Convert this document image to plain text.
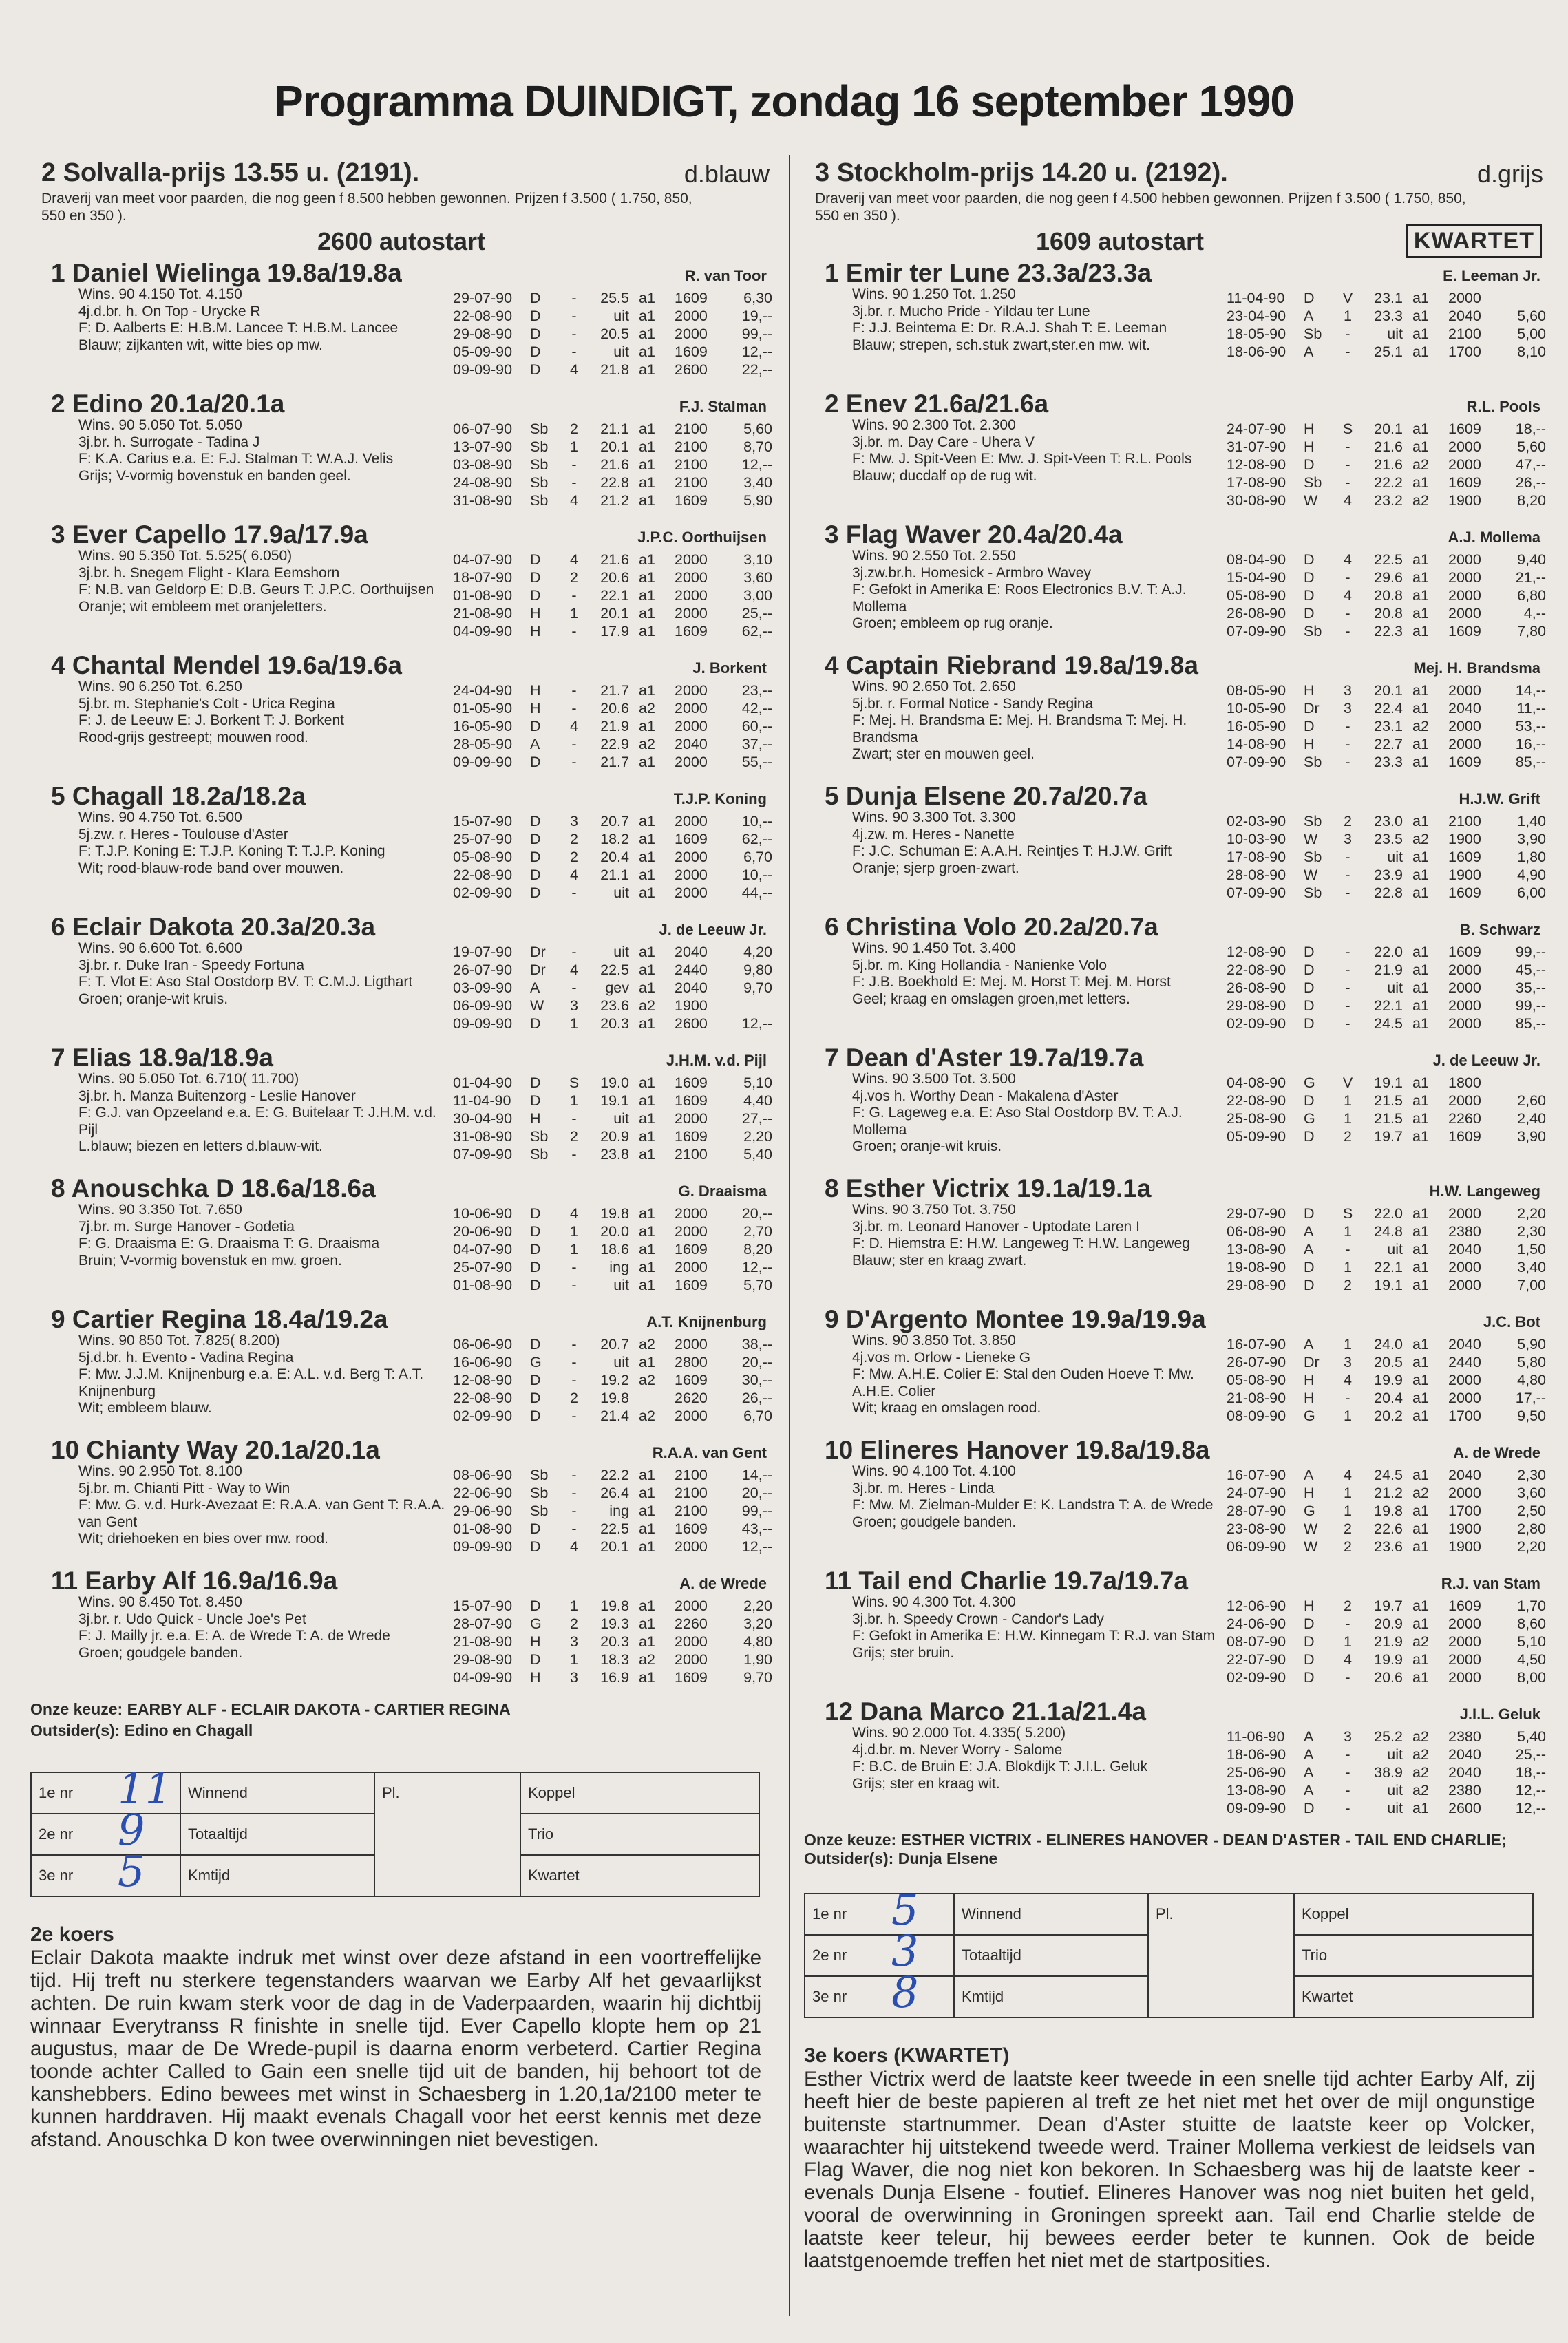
Programma DUINDIGT, zondag 16 september 1990
2 Solvalla-prijs 13.55 u. (2191).	d.blauw
Draverij van meet voor paarden, die nog geen f 8.500 hebben gewonnen. Prijzen f 3.500 ( 1.750, 850, 550 en 350 ).
2600 autostart
1 Daniel Wielinga 19.8a/19.8a	R. van Toor
Wins. 90 4.150 Tot. 4.150
4j.d.br. h. On Top - Urycke R
F: D. Aalberts E: H.B.M. Lancee T: H.B.M. Lancee
Blauw; zijkanten wit, witte bies op mw.
29-07-90	D	-	25.5 a1	1609	6,30
22-08-90	D	-	uit a1	2000	19,--
29-08-90	D	-	20.5 a1	2000	99,--
05-09-90	D	-	uit a1	1609	12,--
09-09-90	D	4	21.8 a1	2600	22,--
2 Edino 20.1a/20.1a	F.J. Stalman
Wins. 90 5.050 Tot. 5.050
3j.br. h. Surrogate - Tadina J
F: K.A. Carius e.a. E: F.J. Stalman T: W.A.J. Velis
Grijs; V-vormig bovenstuk en banden geel.
06-07-90	Sb	2	21.1 a1	2100	5,60
13-07-90	Sb	1	20.1 a1	2100	8,70
03-08-90	Sb	-	21.6 a1	2100	12,--
24-08-90	Sb	-	22.8 a1	2100	3,40
31-08-90	Sb	4	21.2 a1	1609	5,90
3 Ever Capello 17.9a/17.9a	J.P.C. Oorthuijsen
Wins. 90 5.350 Tot. 5.525( 6.050)
3j.br. h. Snegem Flight - Klara Eemshorn
F: N.B. van Geldorp E: D.B. Geurs T: J.P.C. Oorthuijsen
Oranje; wit embleem met oranjeletters.
04-07-90	D	4	21.6 a1	2000	3,10
18-07-90	D	2	20.6 a1	2000	3,60
01-08-90	D	-	22.1 a1	2000	3,00
21-08-90	H	1	20.1 a1	2000	25,--
04-09-90	H	-	17.9 a1	1609	62,--
4 Chantal Mendel 19.6a/19.6a	J. Borkent
Wins. 90 6.250 Tot. 6.250
5j.br. m. Stephanie's Colt - Urica Regina
F: J. de Leeuw E: J. Borkent T: J. Borkent
Rood-grijs gestreept; mouwen rood.
24-04-90	H	-	21.7 a1	2000	23,--
01-05-90	H	-	20.6 a2	2000	42,--
16-05-90	D	4	21.9 a1	2000	60,--
28-05-90	A	-	22.9 a2	2040	37,--
09-09-90	D	-	21.7 a1	2000	55,--
5 Chagall 18.2a/18.2a	T.J.P. Koning
Wins. 90 4.750 Tot. 6.500
5j.zw. r. Heres - Toulouse d'Aster
F: T.J.P. Koning E: T.J.P. Koning T: T.J.P. Koning
Wit; rood-blauw-rode band over mouwen.
15-07-90	D	3	20.7 a1	2000	10,--
25-07-90	D	2	18.2 a1	1609	62,--
05-08-90	D	2	20.4 a1	2000	6,70
22-08-90	D	4	21.1 a1	2000	10,--
02-09-90	D	-	uit a1	2000	44,--
6 Eclair Dakota 20.3a/20.3a	J. de Leeuw Jr.
Wins. 90 6.600 Tot. 6.600
3j.br. r. Duke Iran - Speedy Fortuna
F: T. Vlot E: Aso Stal Oostdorp BV. T: C.M.J. Ligthart
Groen; oranje-wit kruis.
19-07-90	Dr	-	uit a1	2040	4,20
26-07-90	Dr	4	22.5 a1	2440	9,80
03-09-90	A	-	gev a1	2040	9,70
06-09-90	W	3	23.6 a2	1900
09-09-90	D	1	20.3 a1	2600	12,--
7 Elias 18.9a/18.9a	J.H.M. v.d. Pijl
Wins. 90 5.050 Tot. 6.710( 11.700)
3j.br. h. Manza Buitenzorg - Leslie Hanover
F: G.J. van Opzeeland e.a. E: G. Buitelaar T: J.H.M. v.d. Pijl
L.blauw; biezen en letters d.blauw-wit.
01-04-90	D	S	19.0 a1	1609	5,10
11-04-90	D	1	19.1 a1	1609	4,40
30-04-90	H	-	uit a1	2000	27,--
31-08-90	Sb	2	20.9 a1	1609	2,20
07-09-90	Sb	-	23.8 a1	2100	5,40
8 Anouschka D 18.6a/18.6a	G. Draaisma
Wins. 90 3.350 Tot. 7.650
7j.br. m. Surge Hanover - Godetia
F: G. Draaisma E: G. Draaisma T: G. Draaisma
Bruin; V-vormig bovenstuk en mw. groen.
10-06-90	D	4	19.8 a1	2000	20,--
20-06-90	D	1	20.0 a1	2000	2,70
04-07-90	D	1	18.6 a1	1609	8,20
25-07-90	D	-	ing a1	2000	12,--
01-08-90	D	-	uit a1	1609	5,70
9 Cartier Regina 18.4a/19.2a	A.T. Knijnenburg
Wins. 90 850 Tot. 7.825( 8.200)
5j.d.br. h. Evento - Vadina Regina
F: Mw. J.J.M. Knijnenburg e.a. E: A.L. v.d. Berg T: A.T. Knijnenburg
Wit; embleem blauw.
06-06-90	D	-	20.7 a2	2000	38,--
16-06-90	G	-	uit a1	2800	20,--
12-08-90	D	-	19.2 a2	1609	30,--
22-08-90	D	2	19.8	2620	26,--
02-09-90	D	-	21.4 a2	2000	6,70
10 Chianty Way 20.1a/20.1a	R.A.A. van Gent
Wins. 90 2.950 Tot. 8.100
5j.br. m. Chianti Pitt - Way to Win
F: Mw. G. v.d. Hurk-Avezaat E: R.A.A. van Gent T: R.A.A. van Gent
Wit; driehoeken en bies over mw. rood.
08-06-90	Sb	-	22.2 a1	2100	14,--
22-06-90	Sb	-	26.4 a1	2100	20,--
29-06-90	Sb	-	ing a1	2100	99,--
01-08-90	D	-	22.5 a1	1609	43,--
09-09-90	D	4	20.1 a1	2000	12,--
11 Earby Alf 16.9a/16.9a	A. de Wrede
Wins. 90 8.450 Tot. 8.450
3j.br. r. Udo Quick - Uncle Joe's Pet
F: J. Mailly jr. e.a. E: A. de Wrede T: A. de Wrede
Groen; goudgele banden.
15-07-90	D	1	19.8 a1	2000	2,20
28-07-90	G	2	19.3 a1	2260	3,20
21-08-90	H	3	20.3 a1	2000	4,80
29-08-90	D	1	18.3 a2	2000	1,90
04-09-90	H	3	16.9 a1	1609	9,70
Onze keuze: EARBY ALF - ECLAIR DAKOTA - CARTIER REGINA
Outsider(s): Edino en Chagall
1e nr 11	Winnend	Pl.	Koppel
2e nr 9	Totaaltijd		Trio
3e nr 5	Kmtijd		Kwartet
2e koers
Eclair Dakota maakte indruk met winst over deze afstand in een voortreffelijke tijd. Hij treft nu sterkere tegenstanders waarvan we Earby Alf het gevaarlijkst achten. De ruin kwam sterk voor de dag in de Vaderpaarden, waarin hij dichtbij winnaar Everytranss R finishte in snelle tijd. Ever Capello klopte hem op 21 augustus, maar de De Wrede-pupil is daarna enorm verbeterd. Cartier Regina toonde achter Called to Gain een snelle tijd uit de banden, hij behoort tot de kanshebbers. Edino bewees met winst in Schaesberg in 1.20,1a/2100 meter te kunnen harddraven. Hij maakt evenals Chagall voor het eerst kennis met deze afstand. Anouschka D kon twee overwinningen niet bevestigen.
3 Stockholm-prijs 14.20 u. (2192).	d.grijs
Draverij van meet voor paarden, die nog geen f 4.500 hebben gewonnen. Prijzen f 3.500 ( 1.750, 850, 550 en 350 ).
1609 autostart	KWARTET
1 Emir ter Lune 23.3a/23.3a	E. Leeman Jr.
Wins. 90 1.250 Tot. 1.250
3j.br. r. Mucho Pride - Yildau ter Lune
F: J.J. Beintema E: Dr. R.A.J. Shah T: E. Leeman
Blauw; strepen, sch.stuk zwart,ster.en mw. wit.
11-04-90	D	V	23.1 a1	2000
23-04-90	A	1	23.3 a1	2040	5,60
18-05-90	Sb	-	uit a1	2100	5,00
18-06-90	A	-	25.1 a1	1700	8,10
2 Enev 21.6a/21.6a	R.L. Pools
Wins. 90 2.300 Tot. 2.300
3j.br. m. Day Care - Uhera V
F: Mw. J. Spit-Veen E: Mw. J. Spit-Veen T: R.L. Pools
Blauw; ducdalf op de rug wit.
24-07-90	H	S	20.1 a1	1609	18,--
31-07-90	H	-	21.6 a1	2000	5,60
12-08-90	D	-	21.6 a2	2000	47,--
17-08-90	Sb	-	22.2 a1	1609	26,--
30-08-90	W	4	23.2 a2	1900	8,20
3 Flag Waver 20.4a/20.4a	A.J. Mollema
Wins. 90 2.550 Tot. 2.550
3j.zw.br.h. Homesick - Armbro Wavey
F: Gefokt in Amerika E: Roos Electronics B.V. T: A.J. Mollema
Groen; embleem op rug oranje.
08-04-90	D	4	22.5 a1	2000	9,40
15-04-90	D	-	29.6 a1	2000	21,--
05-08-90	D	4	20.8 a1	2000	6,80
26-08-90	D	-	20.8 a1	2000	4,--
07-09-90	Sb	-	22.3 a1	1609	7,80
4 Captain Riebrand 19.8a/19.8a	Mej. H. Brandsma
Wins. 90 2.650 Tot. 2.650
5j.br. r. Formal Notice - Sandy Regina
F: Mej. H. Brandsma E: Mej. H. Brandsma T: Mej. H. Brandsma
Zwart; ster en mouwen geel.
08-05-90	H	3	20.1 a1	2000	14,--
10-05-90	Dr	3	22.4 a1	2040	11,--
16-05-90	D	-	23.1 a2	2000	53,--
14-08-90	H	-	22.7 a1	2000	16,--
07-09-90	Sb	-	23.3 a1	1609	85,--
5 Dunja Elsene 20.7a/20.7a	H.J.W. Grift
Wins. 90 3.300 Tot. 3.300
4j.zw. m. Heres - Nanette
F: J.C. Schuman E: A.A.H. Reintjes T: H.J.W. Grift
Oranje; sjerp groen-zwart.
02-03-90	Sb	2	23.0 a1	2100	1,40
10-03-90	W	3	23.5 a2	1900	3,90
17-08-90	Sb	-	uit a1	1609	1,80
28-08-90	W	-	23.9 a1	1900	4,90
07-09-90	Sb	-	22.8 a1	1609	6,00
6 Christina Volo 20.2a/20.7a	B. Schwarz
Wins. 90 1.450 Tot. 3.400
5j.br. m. King Hollandia - Nanienke Volo
F: J.B. Boekhold E: Mej. M. Horst T: Mej. M. Horst
Geel; kraag en omslagen groen,met letters.
12-08-90	D	-	22.0 a1	1609	99,--
22-08-90	D	-	21.9 a1	2000	45,--
26-08-90	D	-	uit a1	2000	35,--
29-08-90	D	-	22.1 a1	2000	99,--
02-09-90	D	-	24.5 a1	2000	85,--
7 Dean d'Aster 19.7a/19.7a	J. de Leeuw Jr.
Wins. 90 3.500 Tot. 3.500
4j.vos h. Worthy Dean - Makalena d'Aster
F: G. Lageweg e.a. E: Aso Stal Oostdorp BV. T: A.J. Mollema
Groen; oranje-wit kruis.
04-08-90	G	V	19.1 a1	1800
22-08-90	D	1	21.5 a1	2000	2,60
25-08-90	G	1	21.5 a1	2260	2,40
05-09-90	D	2	19.7 a1	1609	3,90
8 Esther Victrix 19.1a/19.1a	H.W. Langeweg
Wins. 90 3.750 Tot. 3.750
3j.br. m. Leonard Hanover - Uptodate Laren I
F: D. Hiemstra E: H.W. Langeweg T: H.W. Langeweg
Blauw; ster en kraag zwart.
29-07-90	D	S	22.0 a1	2000	2,20
06-08-90	A	1	24.8 a1	2380	2,30
13-08-90	A	-	uit a1	2040	1,50
19-08-90	D	1	22.1 a1	2000	3,40
29-08-90	D	2	19.1 a1	2000	7,00
9 D'Argento Montee 19.9a/19.9a	J.C. Bot
Wins. 90 3.850 Tot. 3.850
4j.vos m. Orlow - Lieneke G
F: Mw. A.H.E. Colier E: Stal den Ouden Hoeve T: Mw. A.H.E. Colier
Wit; kraag en omslagen rood.
16-07-90	A	1	24.0 a1	2040	5,90
26-07-90	Dr	3	20.5 a1	2440	5,80
05-08-90	H	4	19.9 a1	2000	4,80
21-08-90	H	-	20.4 a1	2000	17,--
08-09-90	G	1	20.2 a1	1700	9,50
10 Elineres Hanover 19.8a/19.8a	A. de Wrede
Wins. 90 4.100 Tot. 4.100
3j.br. m. Heres - Linda
F: Mw. M. Zielman-Mulder E: K. Landstra T: A. de Wrede
Groen; goudgele banden.
16-07-90	A	4	24.5 a1	2040	2,30
24-07-90	H	1	21.2 a2	2000	3,60
28-07-90	G	1	19.8 a1	1700	2,50
23-08-90	W	2	22.6 a1	1900	2,80
06-09-90	W	2	23.6 a1	1900	2,20
11 Tail end Charlie 19.7a/19.7a	R.J. van Stam
Wins. 90 4.300 Tot. 4.300
3j.br. h. Speedy Crown - Candor's Lady
F: Gefokt in Amerika E: H.W. Kinnegam T: R.J. van Stam
Grijs; ster bruin.
12-06-90	H	2	19.7 a1	1609	1,70
24-06-90	D	-	20.9 a1	2000	8,60
08-07-90	D	1	21.9 a2	2000	5,10
22-07-90	D	4	19.9 a1	2000	4,50
02-09-90	D	-	20.6 a1	2000	8,00
12 Dana Marco 21.1a/21.4a	J.I.L. Geluk
Wins. 90 2.000 Tot. 4.335( 5.200)
4j.d.br. m. Never Worry - Salome
F: B.C. de Bruin E: J.A. Blokdijk T: J.I.L. Geluk
Grijs; ster en kraag wit.
11-06-90	A	3	25.2 a2	2380	5,40
18-06-90	A	-	uit a2	2040	25,--
25-06-90	A	-	38.9 a2	2040	18,--
13-08-90	A	-	uit a2	2380	12,--
09-09-90	D	-	uit a1	2600	12,--
Onze keuze: ESTHER VICTRIX - ELINERES HANOVER - DEAN D'ASTER - TAIL END CHARLIE; Outsider(s): Dunja Elsene
1e nr 5	Winnend	Pl.	Koppel
2e nr 3	Totaaltijd		Trio
3e nr 8	Kmtijd		Kwartet
3e koers (KWARTET)
Esther Victrix werd de laatste keer tweede in een snelle tijd achter Earby Alf, zij heeft hier de beste papieren al treft ze het niet met het over de mijl ongunstige buitenste startnummer. Dean d'Aster stuitte de laatste keer op Volcker, waarachter hij uitstekend tweede werd. Trainer Mollema verkiest de leidsels van Flag Waver, die nog niet kon bekoren. In Schaesberg was hij de laatste keer - evenals Dunja Elsene - foutief. Elineres Hanover was nog niet buiten het geld, vooral de overwinning in Groningen spreekt aan. Tail end Charlie stelde de laatste keer teleur, hij bewees eerder beter te kunnen. Ook de beide laatstgenoemde treffen het niet met de startposities.
